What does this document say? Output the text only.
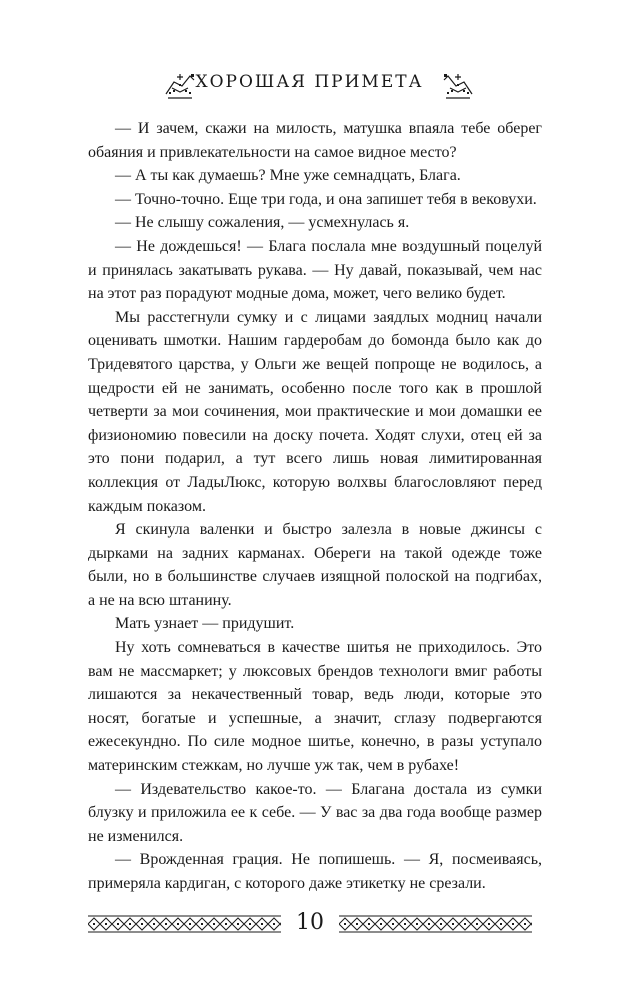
ХОРОШАЯ ПРИМЕТА

— И зачем, скажи на милость, матушка впаяла тебе оберег обаяния и привлекательности на самое видное место?

— А ты как думаешь? Мне уже семнадцать, Блага.

— Точно-точно. Еще три года, и она запишет тебя в вековухи.

— Не слышу сожаления, — усмехнулась я.

— Не дождешься! — Блага послала мне воздушный поцелуй и принялась закатывать рукава. — Ну давай, показывай, чем нас на этот раз порадуют модные дома, может, чего велико будет.

Мы расстегнули сумку и с лицами заядлых модниц начали оценивать шмотки. Нашим гардеробам до бомонда было как до Тридевятого царства, у Ольги же вещей попроще не водилось, а щедрости ей не занимать, особенно после того как в прошлой четверти за мои сочинения, мои практические и мои домашки ее физиономию повесили на доску почета. Ходят слухи, отец ей за это пони подарил, а тут всего лишь новая лимитированная коллекция от ЛадыЛюкс, которую волхвы благословляют перед каждым показом.

Я скинула валенки и быстро залезла в новые джинсы с дырками на задних карманах. Обереги на такой одежде тоже были, но в большинстве случаев изящной полоской на подгибах, а не на всю штанину.

Мать узнает — придушит.

Ну хоть сомневаться в качестве шитья не приходилось. Это вам не массмаркет; у люксовых брендов технологи вмиг работы лишаются за некачественный товар, ведь люди, которые это носят, богатые и успешные, а значит, сглазу подвергаются ежесекундно. По силе модное шитье, конечно, в разы уступало материнским стежкам, но лучше уж так, чем в рубахе!

— Издевательство какое-то. — Благана достала из сумки блузку и приложила ее к себе. — У вас за два года вообще размер не изменился.

— Врожденная грация. Не попишешь. — Я, посмеиваясь, примеряла кардиган, с которого даже этикетку не срезали.

10
